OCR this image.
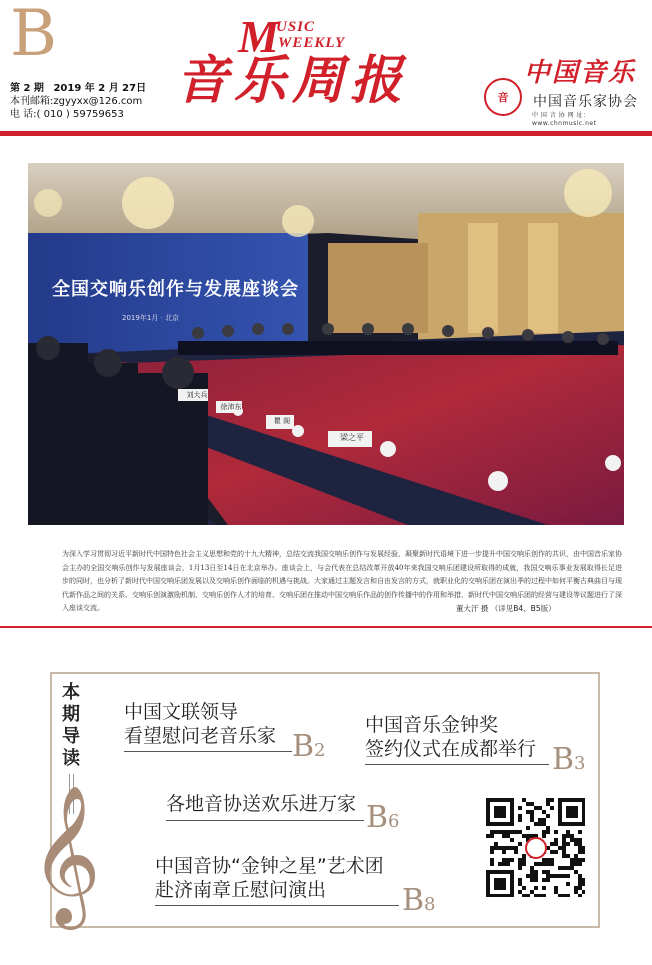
B	M
USIC
WEEKLY
音乐周报
第 2 期 2019 年 2 月 27日
本刊邮箱:zgyyxx@126.com
电 话:( 010 ) 59759653
音
中国音乐
中国音乐家协会
中 国 音 协 网 址： www.chnmusic.net
全国交响乐创作与发展座谈会
2019年1月 · 北京
刘大兵
徐沛东
瞿 阁
梁之平
为深入学习贯彻习近平新时代中国特色社会主义思想和党的十九大精神，总结交流我国交响乐创作与发展经验，凝聚新时代语境下进一步提升中国交响乐创作的共识，由中国音乐家协会主办的全国交响乐创作与发展座谈会，1月13日至14日在北京举办。座谈会上，与会代表在总结改革开放40年来我国交响乐团建设所取得的成就，我国交响乐事业发展取得长足进步的同时，也分析了新时代中国交响乐团发展以及交响乐创作面临的机遇与挑战。大家通过主题发言和自由发言的方式，就职业化的交响乐团在演出季的过程中如何平衡古典曲目与现代新作品之间的关系、交响乐创演激励机制、交响乐创作人才的培育、交响乐团在推动中国交响乐作品的创作传播中的作用和举措、新时代中国交响乐团的经营与建设等议题进行了深入座谈交流。	董大汗 摄 （详见B4、B5版）
本期导读
𝄞
中国文联领导
看望慰问老音乐家 B2
中国音乐金钟奖
签约仪式在成都举行 B3
各地音协送欢乐进万家 B6
中国音协“金钟之星”艺术团
赴济南章丘慰问演出	B8
